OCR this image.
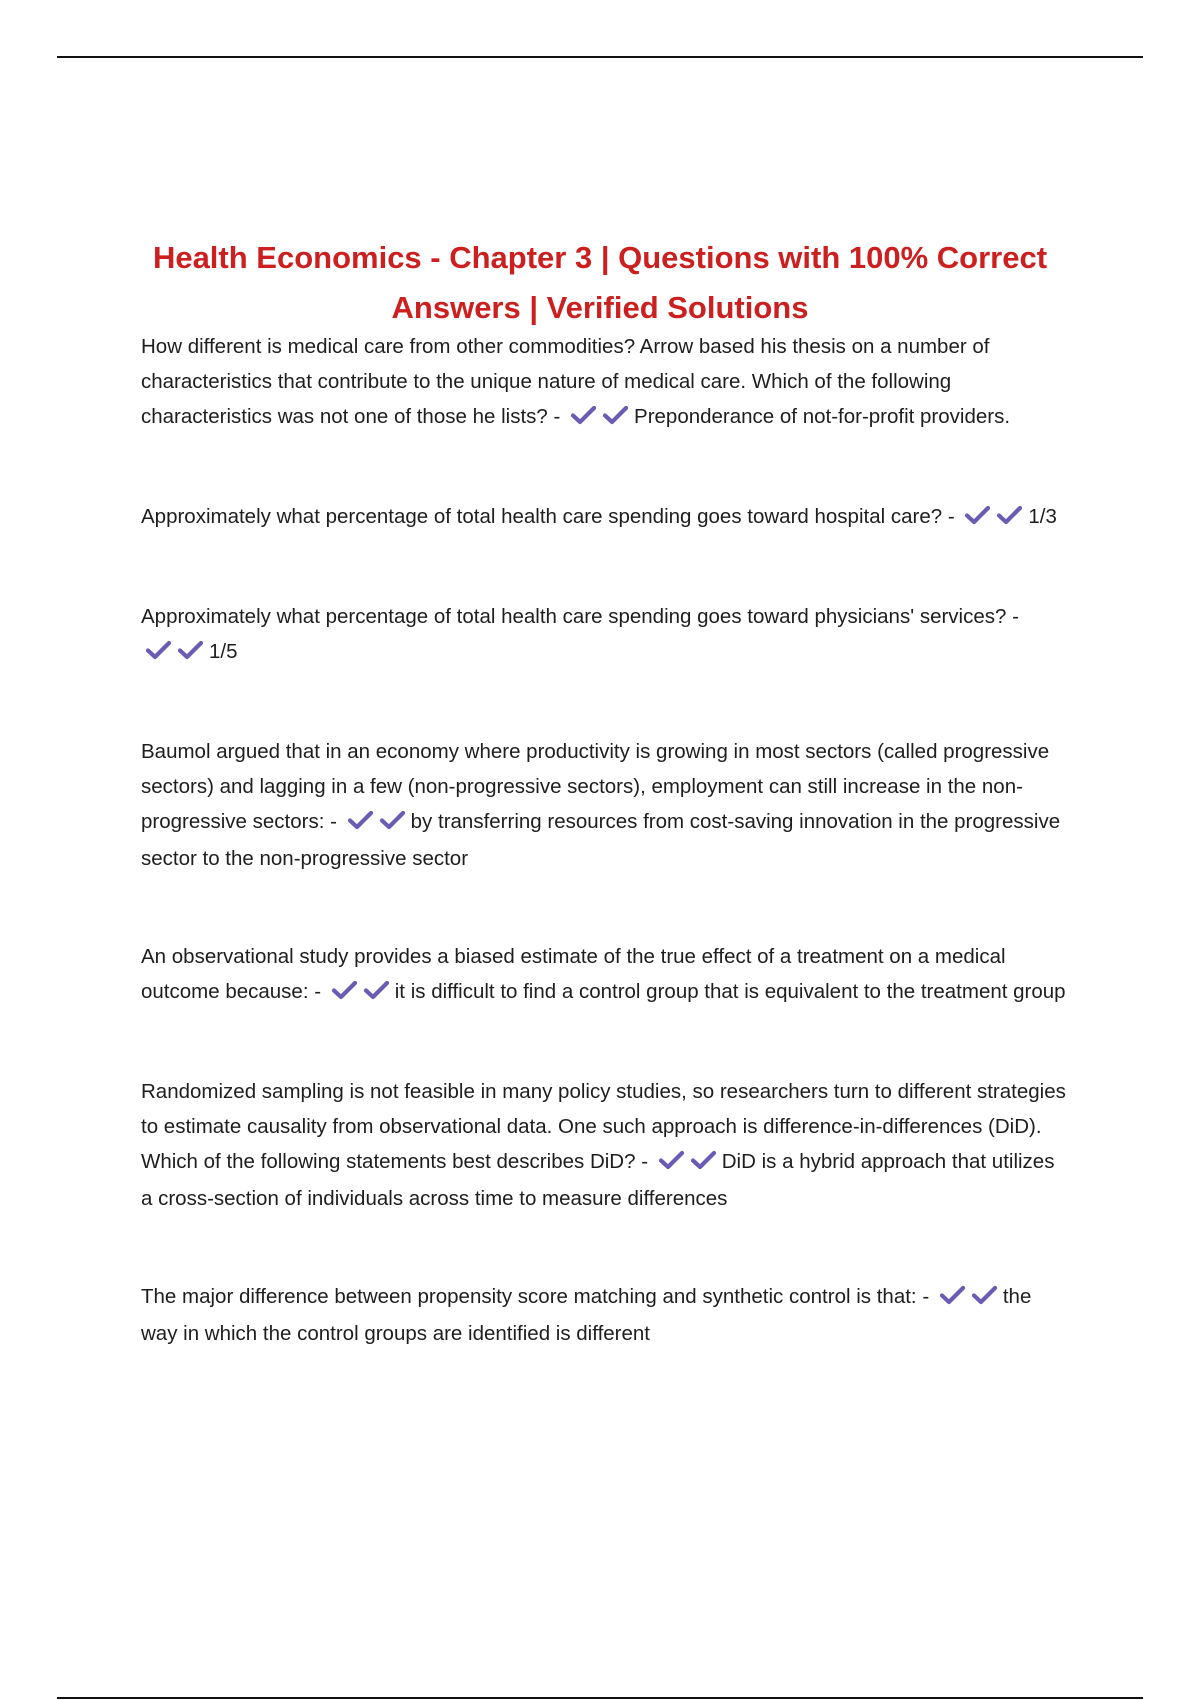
Health Economics - Chapter 3 | Questions with 100% Correct Answers | Verified Solutions

How different is medical care from other commodities? Arrow based his thesis on a number of characteristics that contribute to the unique nature of medical care. Which of the following characteristics was not one of those he lists? -	Preponderance of not-for-profit providers.

Approximately what percentage of total health care spending goes toward hospital care? -	1/3

Approximately what percentage of total health care spending goes toward physicians' services? - 1/5

Baumol argued that in an economy where productivity is growing in most sectors (called progressive sectors) and lagging in a few (non-progressive sectors), employment can still increase in the non-progressive sectors: -	by transferring resources from cost-saving innovation in the progressive sector to the non-progressive sector

An observational study provides a biased estimate of the true effect of a treatment on a medical outcome because: -	it is difficult to find a control group that is equivalent to the treatment group

Randomized sampling is not feasible in many policy studies, so researchers turn to different strategies to estimate causality from observational data. One such approach is difference-in-differences (DiD). Which of the following statements best describes DiD? -	DiD is a hybrid approach that utilizes a cross-section of individuals across time to measure differences

The major difference between propensity score matching and synthetic control is that: -	the way in which the control groups are identified is different
